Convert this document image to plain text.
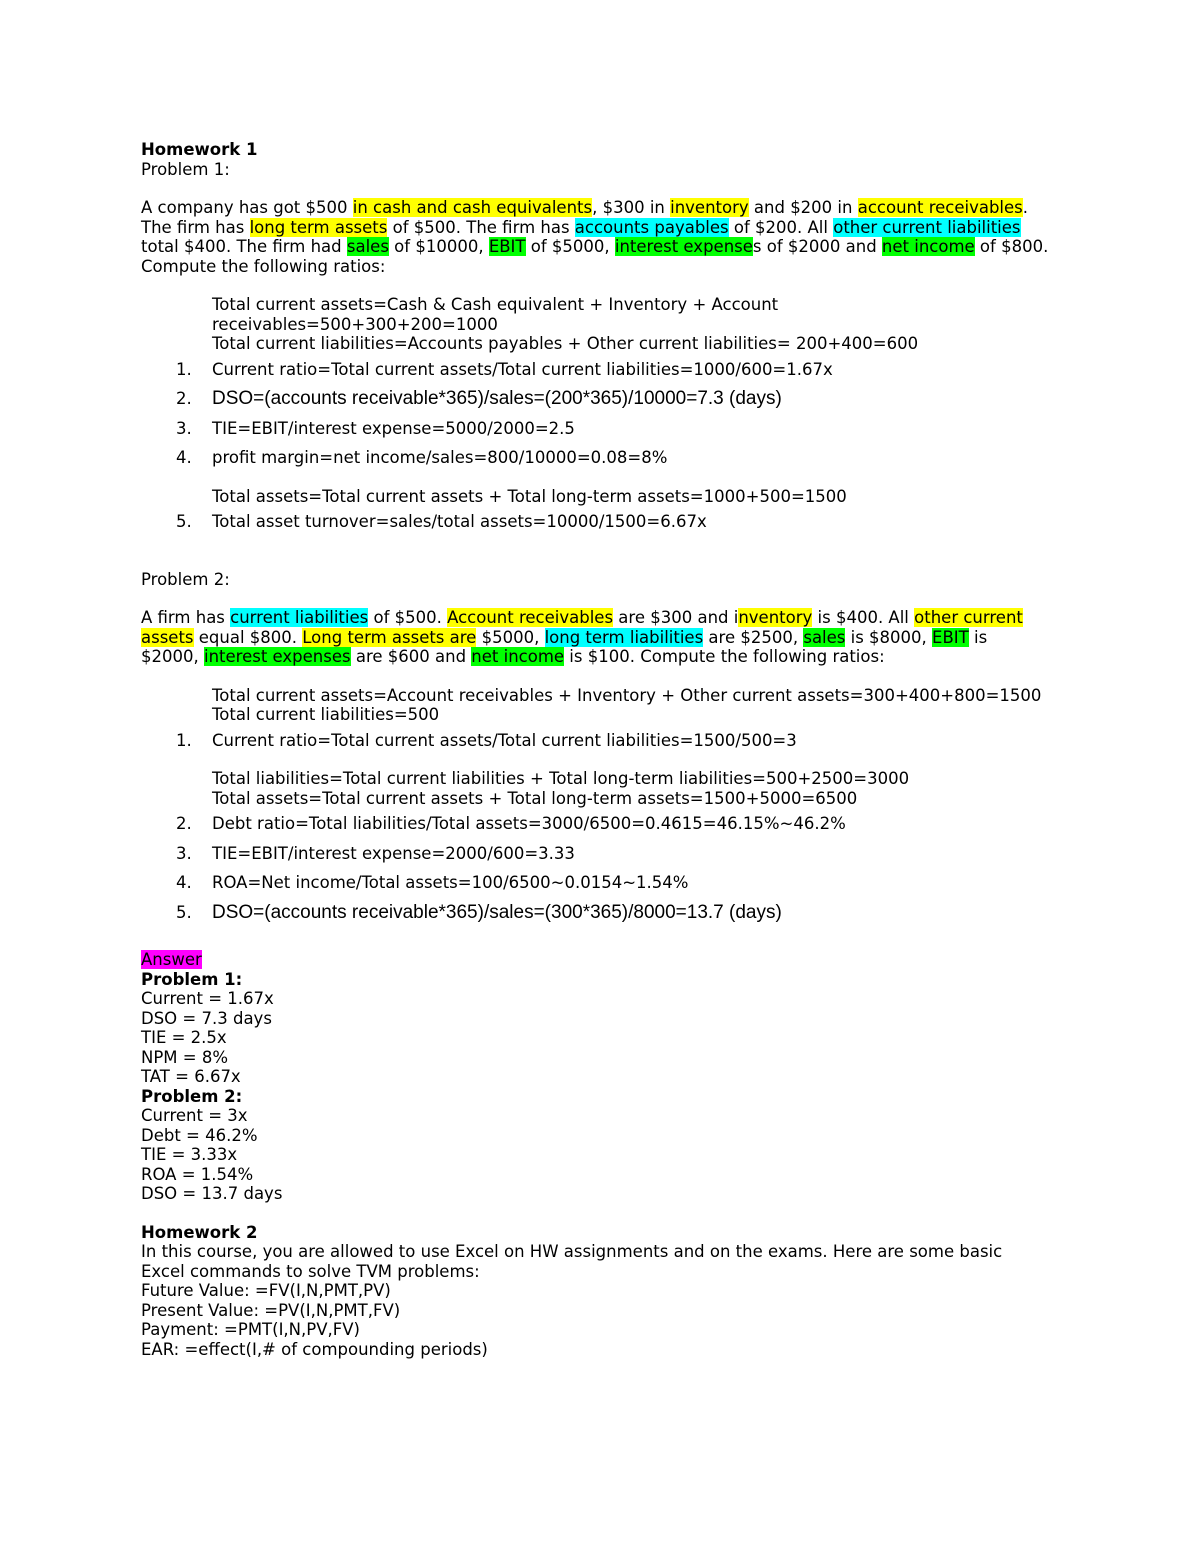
Homework 1
Problem 1:
A company has got $500 in cash and cash equivalents, $300 in inventory and $200 in account receivables.
The firm has long term assets of $500. The firm has accounts payables of $200. All other current liabilities
total $400. The firm had sales of $10000, EBIT of $5000, interest expenses of $2000 and net income of $800.
Compute the following ratios:
Total current assets=Cash & Cash equivalent + Inventory + Account
receivables=500+300+200=1000
Total current liabilities=Accounts payables + Other current liabilities= 200+400=600
1. Current ratio=Total current assets/Total current liabilities=1000/600=1.67x
2. DSO=(accounts receivable*365)/sales=(200*365)/10000=7.3 (days)
3. TIE=EBIT/interest expense=5000/2000=2.5
4. profit margin=net income/sales=800/10000=0.08=8%
Total assets=Total current assets + Total long-term assets=1000+500=1500
5. Total asset turnover=sales/total assets=10000/1500=6.67x
Problem 2:
A firm has current liabilities of $500. Account receivables are $300 and inventory is $400. All other current
assets equal $800. Long term assets are $5000, long term liabilities are $2500, sales is $8000, EBIT is
$2000, interest expenses are $600 and net income is $100. Compute the following ratios:
Total current assets=Account receivables + Inventory + Other current assets=300+400+800=1500
Total current liabilities=500
1. Current ratio=Total current assets/Total current liabilities=1500/500=3
Total liabilities=Total current liabilities + Total long-term liabilities=500+2500=3000
Total assets=Total current assets + Total long-term assets=1500+5000=6500
2. Debt ratio=Total liabilities/Total assets=3000/6500=0.4615=46.15%~46.2%
3. TIE=EBIT/interest expense=2000/600=3.33
4. ROA=Net income/Total assets=100/6500~0.0154~1.54%
5. DSO=(accounts receivable*365)/sales=(300*365)/8000=13.7 (days)
Answer
Problem 1:
Current = 1.67x
DSO = 7.3 days
TIE = 2.5x
NPM = 8%
TAT = 6.67x
Problem 2:
Current = 3x
Debt = 46.2%
TIE = 3.33x
ROA = 1.54%
DSO = 13.7 days
Homework 2
In this course, you are allowed to use Excel on HW assignments and on the exams. Here are some basic
Excel commands to solve TVM problems:
Future Value: =FV(I,N,PMT,PV)
Present Value: =PV(I,N,PMT,FV)
Payment: =PMT(I,N,PV,FV)
EAR: =effect(I,# of compounding periods)
